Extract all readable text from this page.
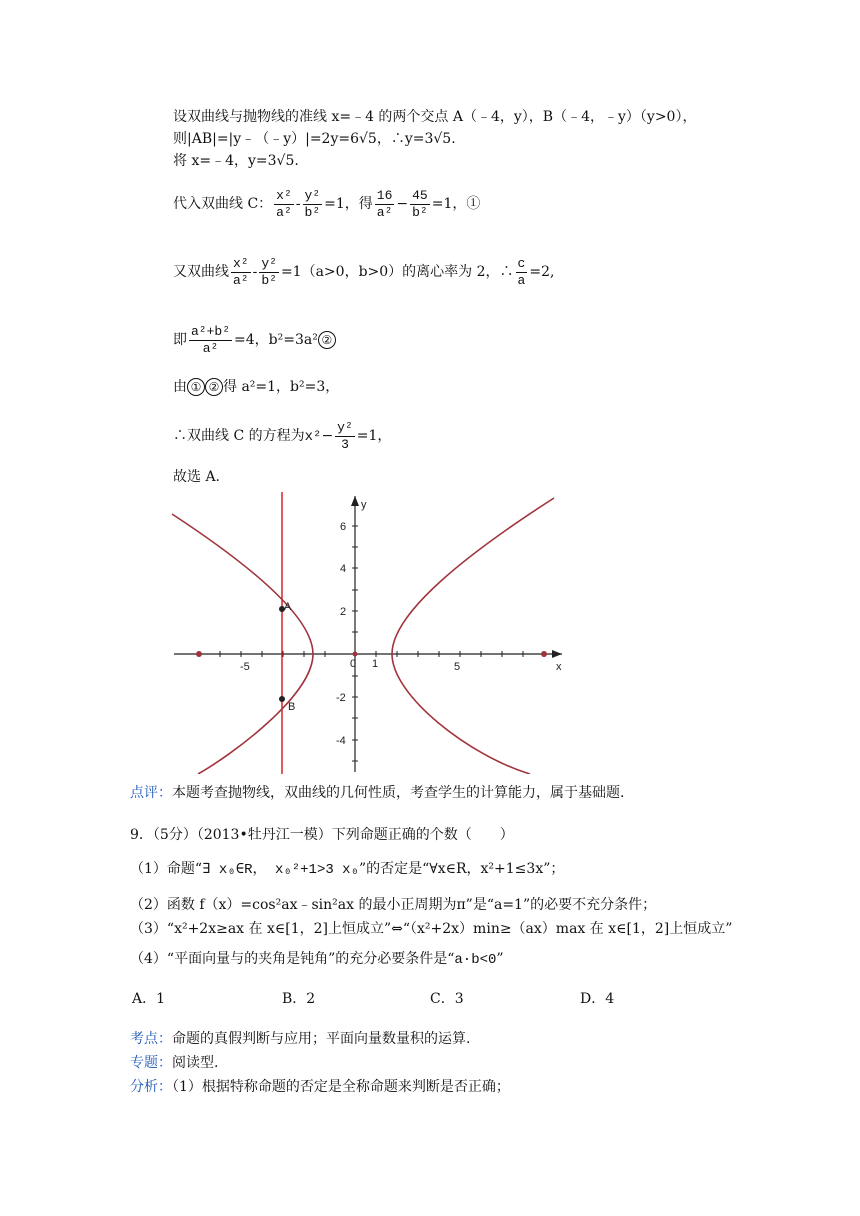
设双曲线与抛物线的准线 x=﹣4 的两个交点 A（﹣4，y），B（﹣4，﹣y）（y>0），
则|AB|=|y﹣（﹣y）|=2y=6√5，∴y=3√5.
将 x=﹣4，y=3√5.
代入双曲线 C： $\frac{\text{x²}}{\text{a²}} - \frac{\text{y²}}{\text{b²}} =1$，得 $\frac{16}{\text{a²}} - \frac{45}{\text{b²}} =1$，①
又双曲线 $\frac{\text{x²}}{\text{a²}} - \frac{\text{y²}}{\text{b²}} =1(a>0$，b>0）的离心率为 2，∴ $\frac{c}{a} =2$,
即 $\frac{\text{a²+b²}}{\text{a²}} =4$，b²=3a² ②
由 ① ② 得 a²=1，b²=3，
∴双曲线 C 的方程为$x^2- \frac{\text{y²}}{3} =1$，
故选 A.
A
B
x
y
-5	0 1	5
6
4
2
-2
-4
点评：本题考查抛物线，双曲线的几何性质，考查学生的计算能力，属于基础题.
9．（5分）（2013•牡丹江一模）下列命题正确的个数（　　）
（1）命题“∃ x₀∈R， x₀²+1>3 x₀”的否定是“∀x∈R，x²+1≤3x”；
（2）函数 f（x）=cos²ax﹣sin²ax 的最小正周期为π”是“a=1”的必要不充分条件；
（3）“x²+2x≥ax 在 x∈[1，2]上恒成立”⇔“（x²+2x）min≥（ax）max 在 x∈[1，2]上恒成立”
（4）“平面向量与的夹角是钝角”的充分必要条件是“a·b<0”
A．1	B．2	C．3	D．4
考点：命题的真假判断与应用；平面向量数量积的运算.
专题：阅读型.
分析：（1）根据特称命题的否定是全称命题来判断是否正确；
